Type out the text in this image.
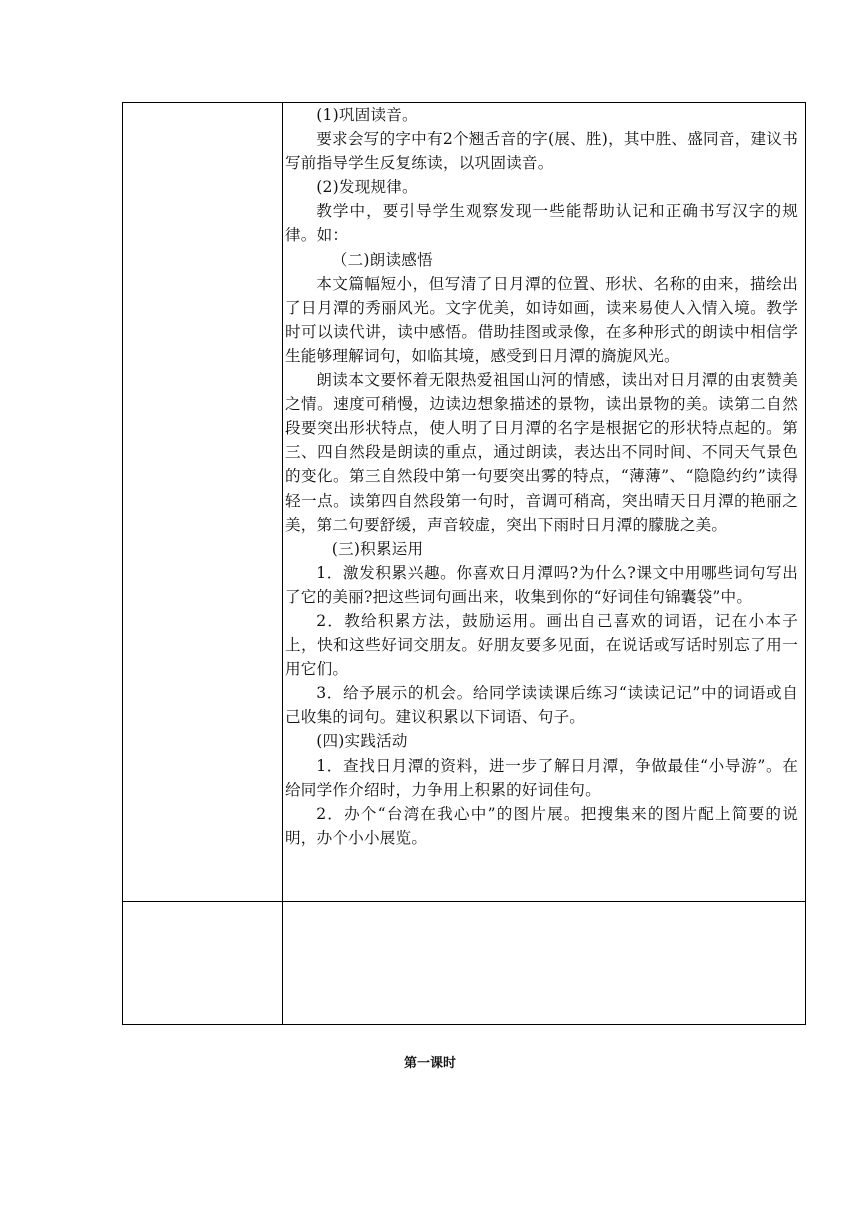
(1)巩固读音。

要求会写的字中有2个翘舌音的字(展、胜)，其中胜、盛同音，建议书写前指导学生反复练读，以巩固读音。

(2)发现规律。

教学中，要引导学生观察发现一些能帮助认记和正确书写汉字的规律。如：

（二)朗读感悟

本文篇幅短小，但写清了日月潭的位置、形状、名称的由来，描绘出了日月潭的秀丽风光。文字优美，如诗如画，读来易使人入情入境。教学时可以读代讲，读中感悟。借助挂图或录像，在多种形式的朗读中相信学生能够理解词句，如临其境，感受到日月潭的旖旎风光。

朗读本文要怀着无限热爱祖国山河的情感，读出对日月潭的由衷赞美之情。速度可稍慢，边读边想象描述的景物，读出景物的美。读第二自然段要突出形状特点，使人明了日月潭的名字是根据它的形状特点起的。第三、四自然段是朗读的重点，通过朗读，表达出不同时间、不同天气景色的变化。第三自然段中第一句要突出雾的特点，“薄薄”、“隐隐约约”读得轻一点。读第四自然段第一句时，音调可稍高，突出晴天日月潭的艳丽之美，第二句要舒缓，声音较虚，突出下雨时日月潭的朦胧之美。

(三)积累运用

1．激发积累兴趣。你喜欢日月潭吗?为什么?课文中用哪些词句写出了它的美丽?把这些词句画出来，收集到你的“好词佳句锦囊袋”中。

2．教给积累方法，鼓励运用。画出自己喜欢的词语，记在小本子上，快和这些好词交朋友。好朋友要多见面，在说话或写话时别忘了用一用它们。

3．给予展示的机会。给同学读读课后练习“读读记记”中的词语或自己收集的词句。建议积累以下词语、句子。

(四)实践活动

1．查找日月潭的资料，进一步了解日月潭，争做最佳“小导游”。在给同学作介绍时，力争用上积累的好词佳句。

2．办个“台湾在我心中”的图片展。把搜集来的图片配上简要的说明，办个小小展览。

第一课时
